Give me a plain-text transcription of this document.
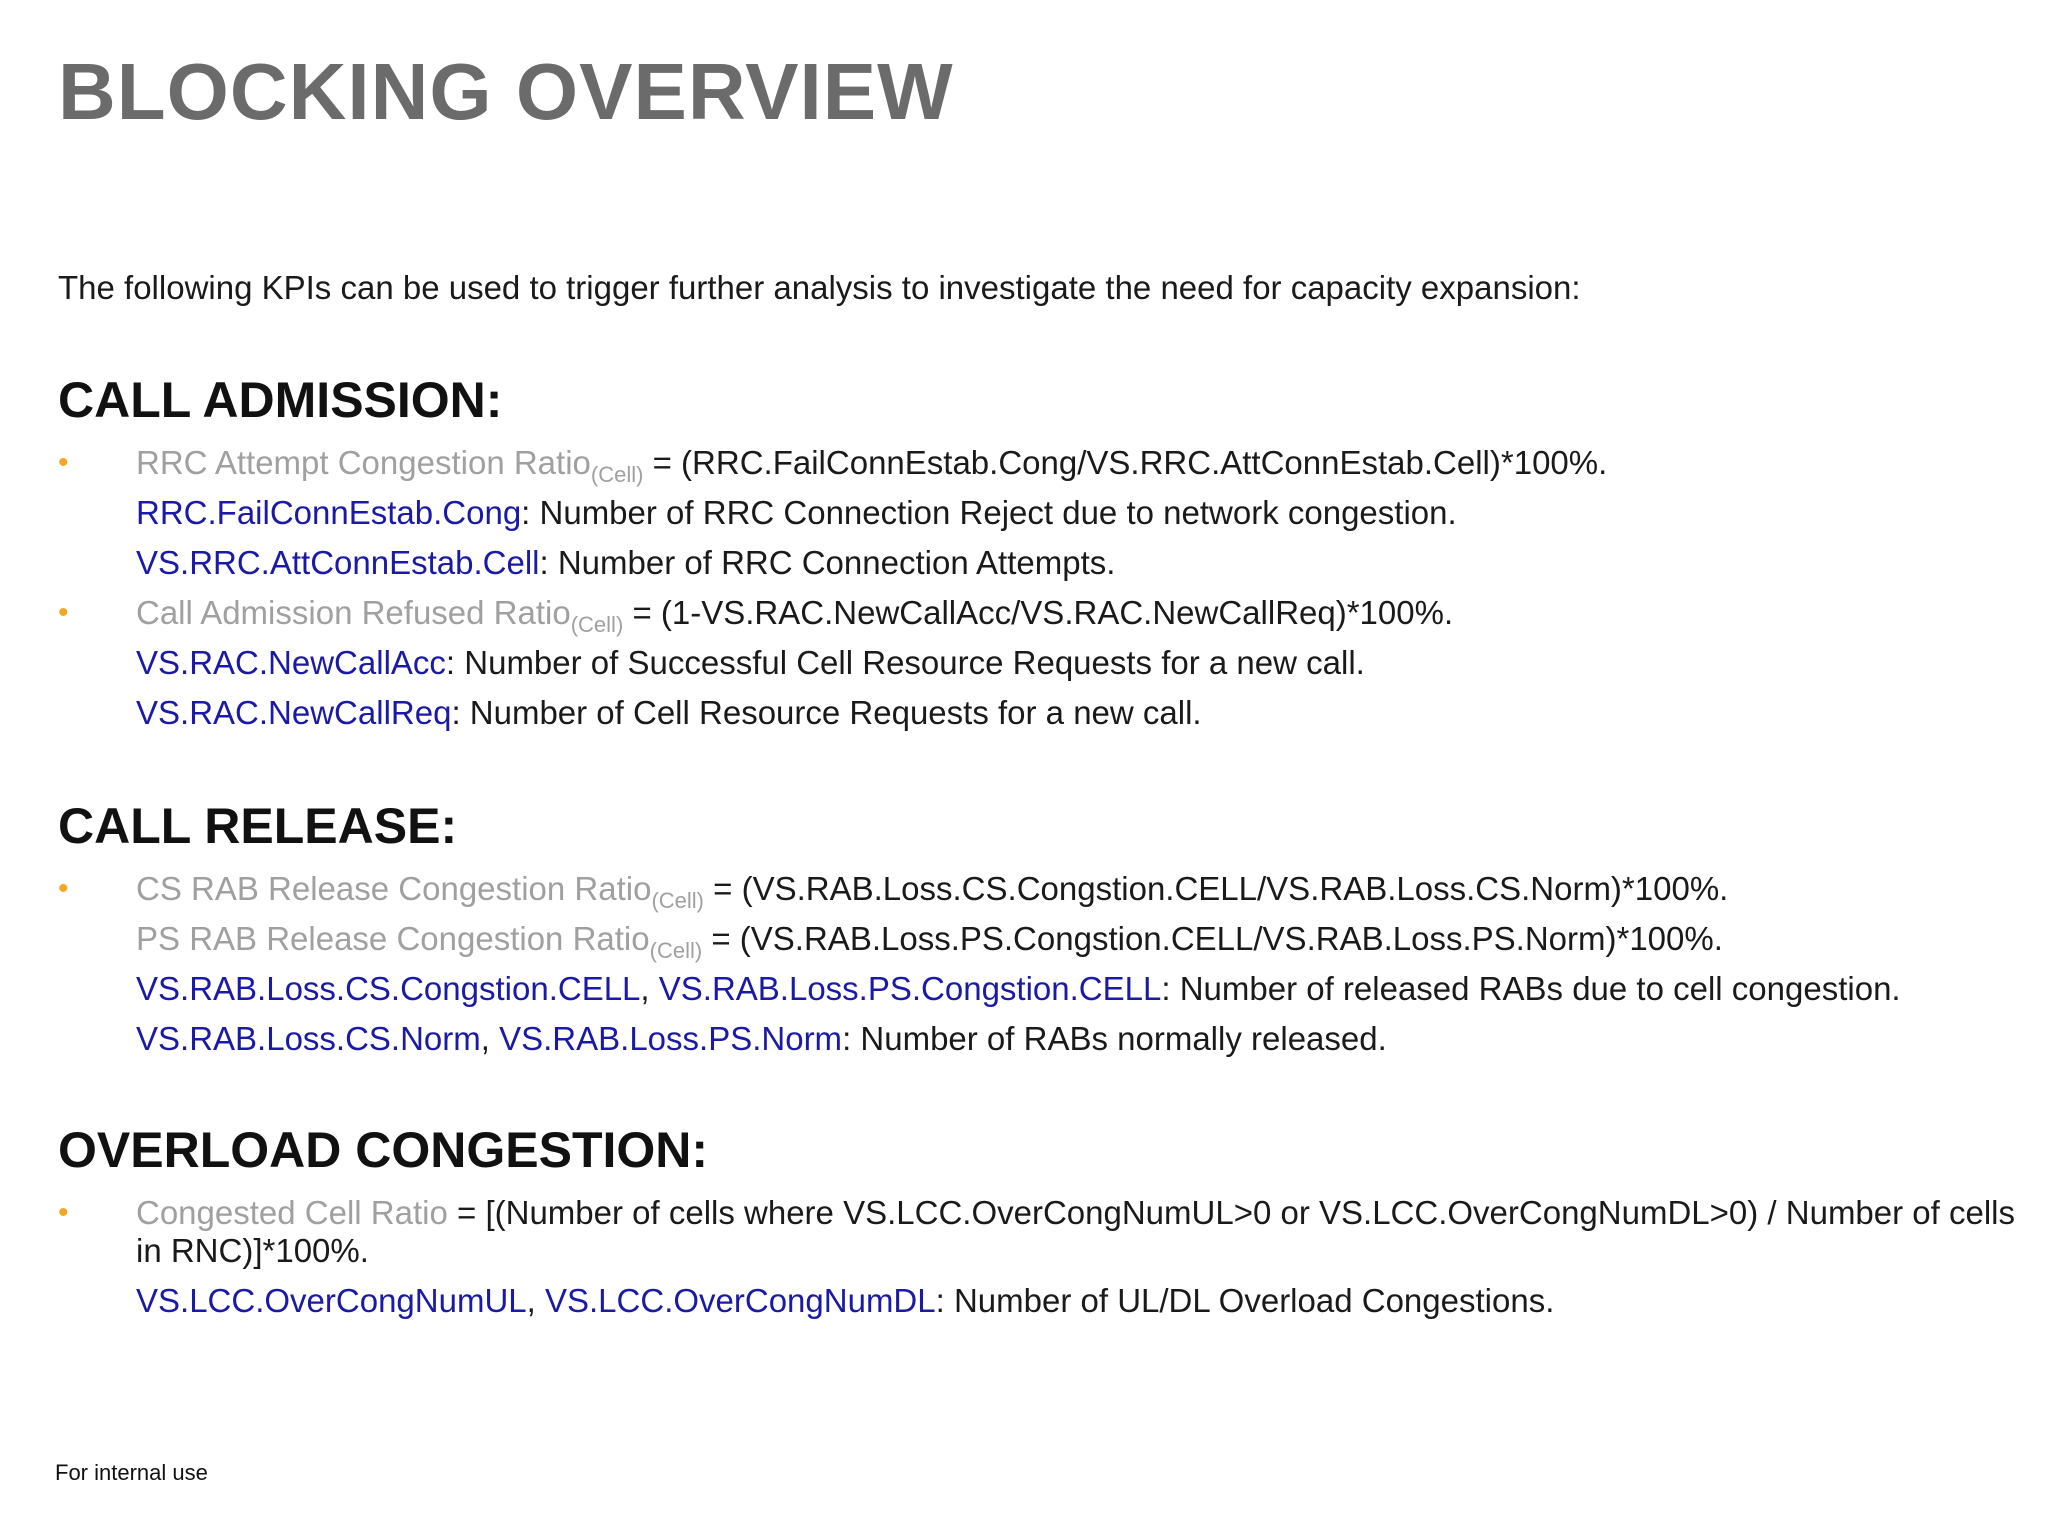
BLOCKING OVERVIEW
The following KPIs can be used to trigger further analysis to investigate the need for capacity expansion:
CALL ADMISSION:
• RRC Attempt Congestion Ratio$_{(Cell)}$ = (RRC.FailConnEstab.Cong/VS.RRC.AttConnEstab.Cell)*100%.
RRC.FailConnEstab.Cong: Number of RRC Connection Reject due to network congestion.
VS.RRC.AttConnEstab.Cell: Number of RRC Connection Attempts.
• Call Admission Refused Ratio$_{(Cell)}$ = (1-VS.RAC.NewCallAcc/VS.RAC.NewCallReq)*100%.
VS.RAC.NewCallAcc: Number of Successful Cell Resource Requests for a new call.
VS.RAC.NewCallReq: Number of Cell Resource Requests for a new call.
CALL RELEASE:
• CS RAB Release Congestion Ratio$_{(Cell)}$ = (VS.RAB.Loss.CS.Congstion.CELL/VS.RAB.Loss.CS.Norm)*100%.
PS RAB Release Congestion Ratio$_{(Cell)}$ = (VS.RAB.Loss.PS.Congstion.CELL/VS.RAB.Loss.PS.Norm)*100%.
VS.RAB.Loss.CS.Congstion.CELL, VS.RAB.Loss.PS.Congstion.CELL: Number of released RABs due to cell congestion.
VS.RAB.Loss.CS.Norm, VS.RAB.Loss.PS.Norm: Number of RABs normally released.
OVERLOAD CONGESTION:
• Congested Cell Ratio = [(Number of cells where VS.LCC.OverCongNumUL>0 or VS.LCC.OverCongNumDL>0) / Number of cells in RNC)]*100%.
VS.LCC.OverCongNumUL, VS.LCC.OverCongNumDL: Number of UL/DL Overload Congestions.
For internal use
